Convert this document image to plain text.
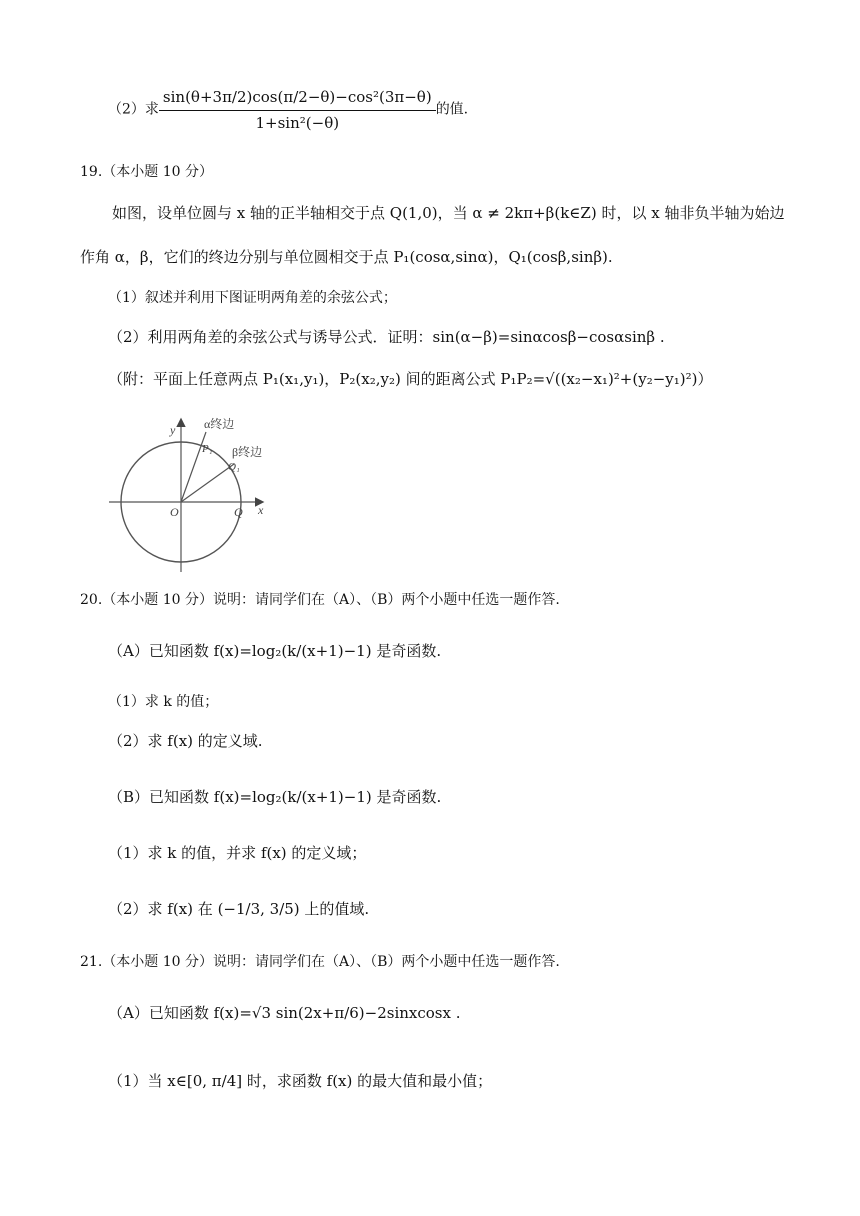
（2）求 $\frac{\text{sin(θ+3π/2)cos(π/2−θ)−cos²(3π−θ)}}{\text{1+sin²(−θ)}}$ 的值.
19.（本小题 10 分）
如图，设单位圆与 x 轴的正半轴相交于点 Q(1,0)，当 α ≠ 2kπ+β(k∈Z) 时，以 x 轴非负半轴为始边
作角 α，β，它们的终边分别与单位圆相交于点 P₁(cosα,sinα)，Q₁(cosβ,sinβ).
（1）叙述并利用下图证明两角差的余弦公式；
（2）利用两角差的余弦公式与诱导公式．证明：sin(α−β)=sinαcosβ−cosαsinβ .
（附：平面上任意两点 P₁(x₁,y₁)，P₂(x₂,y₂) 间的距离公式 P₁P₂=√((x₂−x₁)²+(y₂−y₁)²)）
y
x
O	Q
P₁
Q₁
α终边
β终边
20.（本小题 10 分）说明：请同学们在（A）、（B）两个小题中任选一题作答.
（A）已知函数 f(x)=log₂(k/(x+1)−1) 是奇函数.
（1）求 k 的值；
（2）求 f(x) 的定义域.
（B）已知函数 f(x)=log₂(k/(x+1)−1) 是奇函数.
（1）求 k 的值，并求 f(x) 的定义域；
（2）求 f(x) 在 (−1/3, 3/5) 上的值域.
21.（本小题 10 分）说明：请同学们在（A）、（B）两个小题中任选一题作答.
（A）已知函数 f(x)=√3 sin(2x+π/6)−2sinxcosx .
（1）当 x∈[0, π/4] 时，求函数 f(x) 的最大值和最小值；
